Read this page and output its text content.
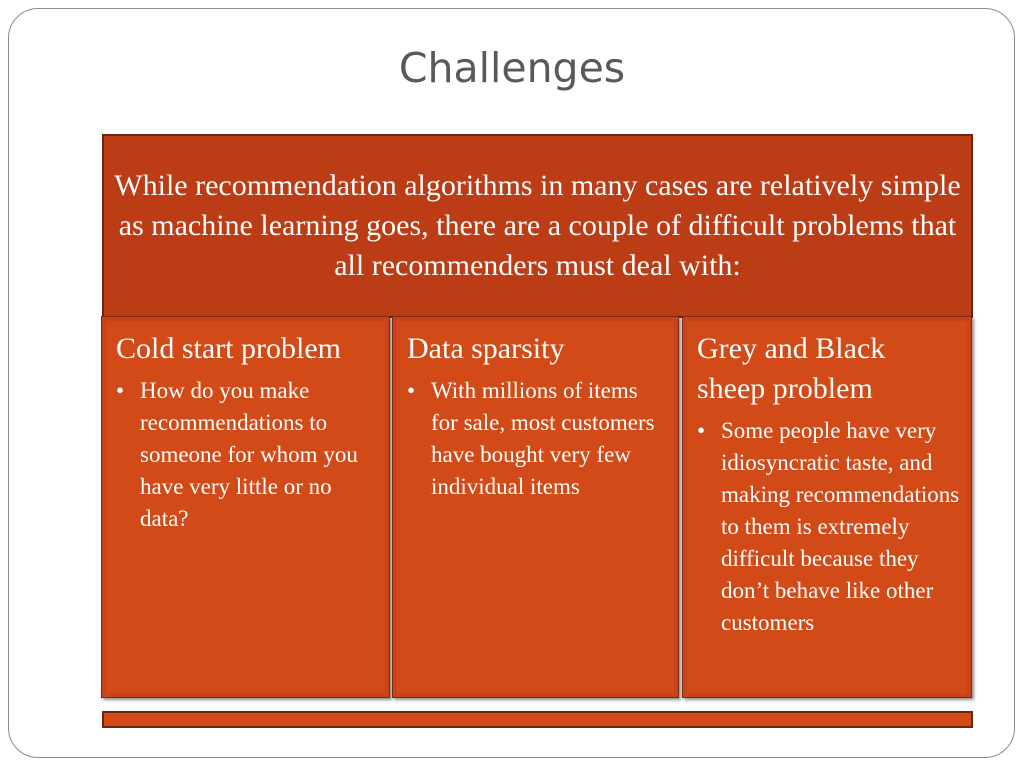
Challenges
While recommendation algorithms in many cases are relatively simple as machine learning goes, there are a couple of difficult problems that all recommenders must deal with:
Cold start problem
• How do you make recommendations to someone for whom you have very little or no data?
Data sparsity
• With millions of items for sale, most customers have bought very few individual items
Grey and Black sheep problem
• Some people have very idiosyncratic taste, and making recommendations to them is extremely difficult because they don’t behave like other customers
